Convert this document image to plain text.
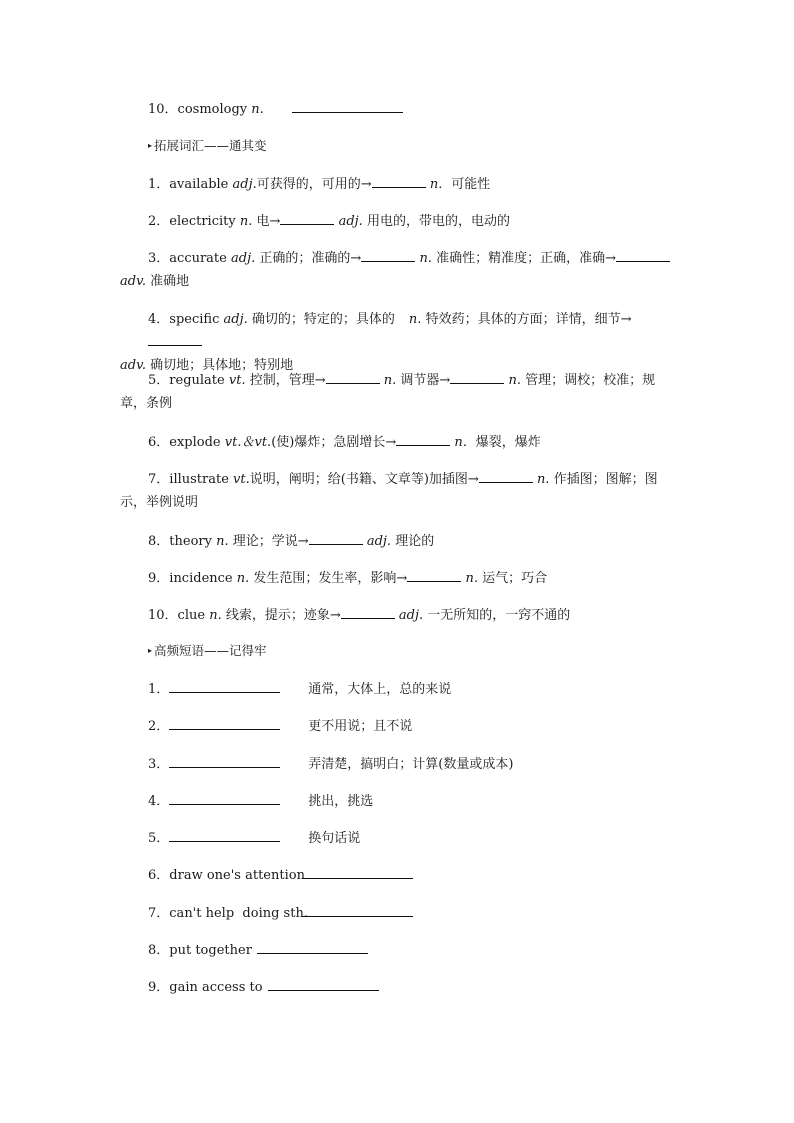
10．cosmology n.
▸ 拓展词汇——通其变
1．available adj.可获得的，可用的→	n．可能性
2．electricity n. 电→	adj. 用电的，带电的，电动的
3．accurate adj. 正确的；准确的→	n. 准确性；精准度；正确，准确→
adv. 准确地
4．specific adj. 确切的；特定的；具体的 n. 特效药；具体的方面；详情，细节→
adv. 确切地；具体地；特别地
5．regulate vt. 控制，管理→	n. 调节器→	n. 管理；调校；校准；规
章，条例
6．explode vt.＆vt.(使)爆炸；急剧增长→	n．爆裂，爆炸
7．illustrate vt.说明，阐明；给(书籍、文章等)加插图→	n. 作插图；图解；图
示，举例说明
8．theory n. 理论；学说→	adj. 理论的
9．incidence n. 发生范围；发生率，影响→	n. 运气；巧合
10．clue n. 线索，提示；迹象→	adj. 一无所知的，一窍不通的
▸ 高频短语——记得牢
1．	通常，大体上，总的来说
2．	更不用说；且不说
3．	弄清楚，搞明白；计算(数量或成本)
4．	挑出，挑选
5．	换句话说
6．draw one's attention
7．can't help  doing sth.
8．put together
9．gain access to
